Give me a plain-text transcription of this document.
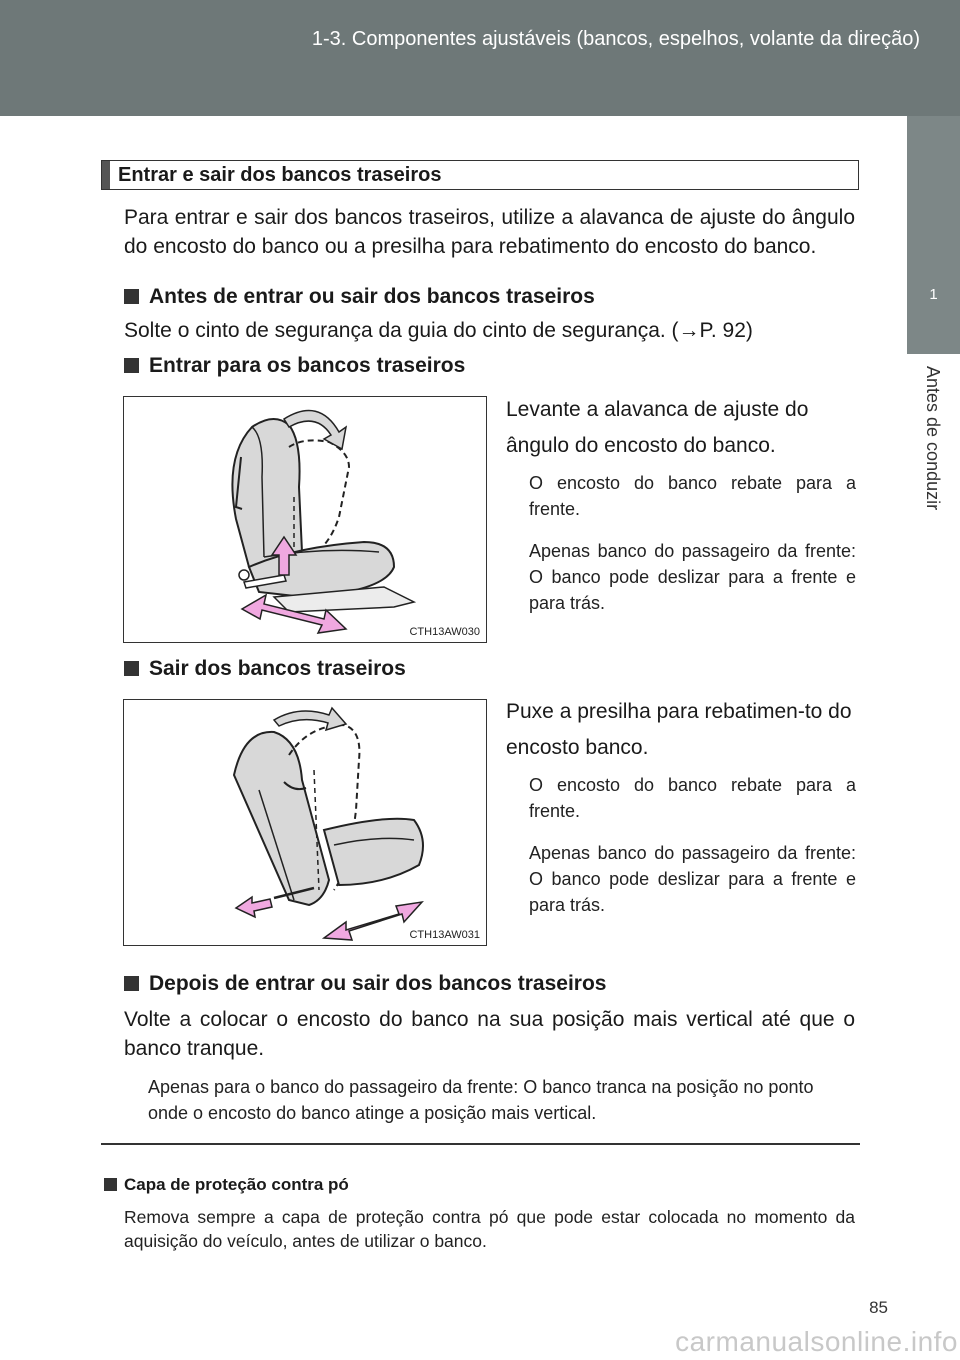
1-3. Componentes ajustáveis (bancos, espelhos, volante da direção)
1
Antes de conduzir
Entrar e sair dos bancos traseiros
Para entrar e sair dos bancos traseiros, utilize a alavanca de ajuste do ângulo do encosto do banco ou a presilha para rebatimento do encosto do banco.
Antes de entrar ou sair dos bancos traseiros
Solte o cinto de segurança da guia do cinto de segurança. (→P. 92)
Entrar para os bancos traseiros
CTH13AW030
Levante a alavanca de ajuste do ângulo do encosto do banco.
O encosto do banco rebate para a frente.
Apenas banco do passageiro da frente: O banco pode deslizar para a frente e para trás.
Sair dos bancos traseiros
CTH13AW031
Puxe a presilha para rebatimen-to do encosto banco.
O encosto do banco rebate para a frente.
Apenas banco do passageiro da frente: O banco pode deslizar para a frente e para trás.
Depois de entrar ou sair dos bancos traseiros
Volte a colocar o encosto do banco na sua posição mais vertical até que o banco tranque.
Apenas para o banco do passageiro da frente: O banco tranca na posição no ponto onde o encosto do banco atinge a posição mais vertical.
Capa de proteção contra pó
Remova sempre a capa de proteção contra pó que pode estar colocada no momento da aquisição do veículo, antes de utilizar o banco.
85
carmanualsonline.info
